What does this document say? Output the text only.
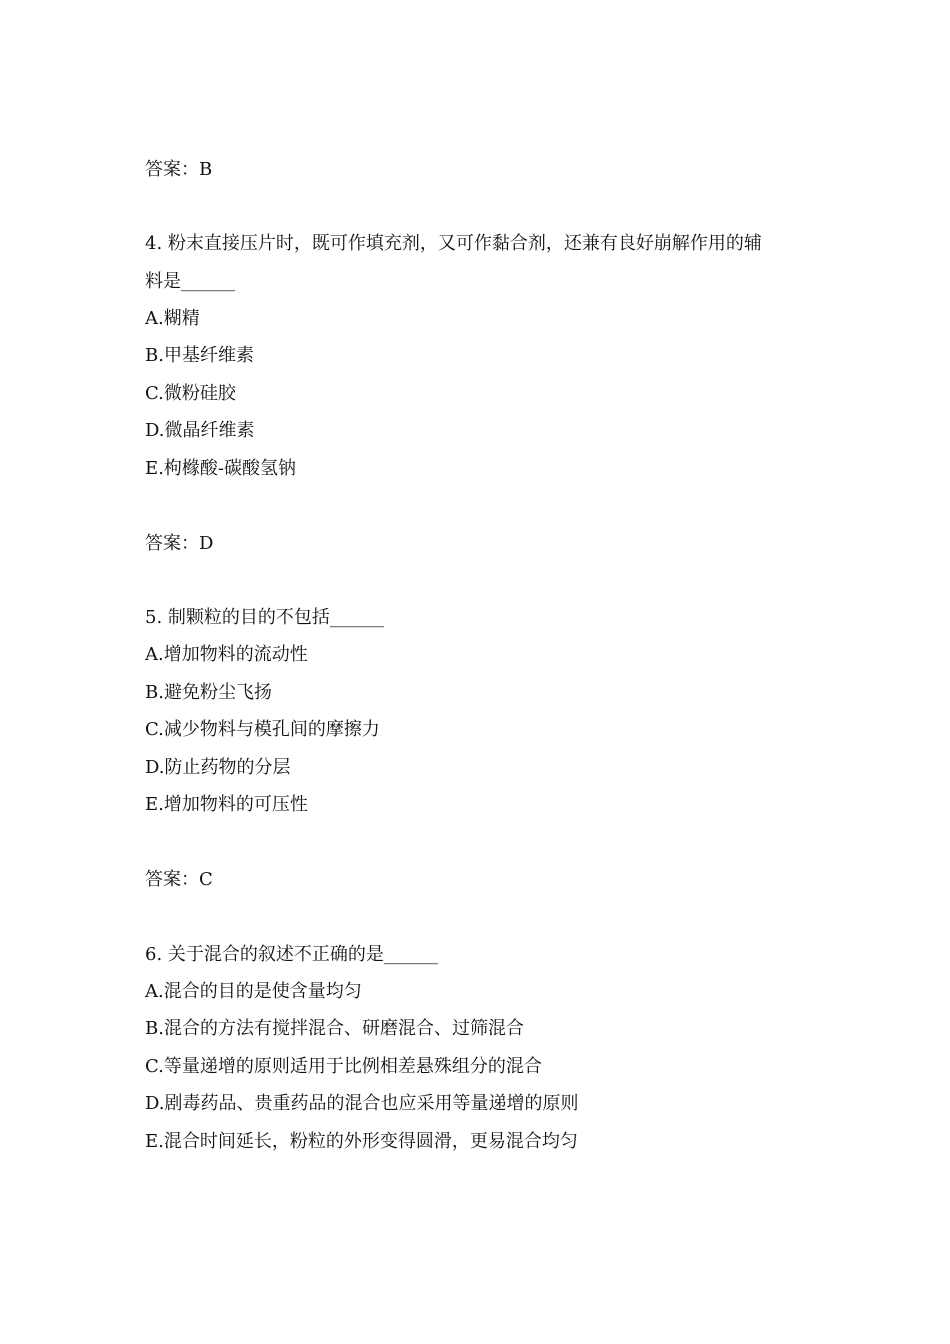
答案：B
4. 粉末直接压片时，既可作填充剂，又可作黏合剂，还兼有良好崩解作用的辅
料是______
A.糊精
B.甲基纤维素
C.微粉硅胶
D.微晶纤维素
E.枸橼酸-碳酸氢钠
答案：D
5. 制颗粒的目的不包括______
A.增加物料的流动性
B.避免粉尘飞扬
C.减少物料与模孔间的摩擦力
D.防止药物的分层
E.增加物料的可压性
答案：C
6. 关于混合的叙述不正确的是______
A.混合的目的是使含量均匀
B.混合的方法有搅拌混合、研磨混合、过筛混合
C.等量递增的原则适用于比例相差悬殊组分的混合
D.剧毒药品、贵重药品的混合也应采用等量递增的原则
E.混合时间延长，粉粒的外形变得圆滑，更易混合均匀
